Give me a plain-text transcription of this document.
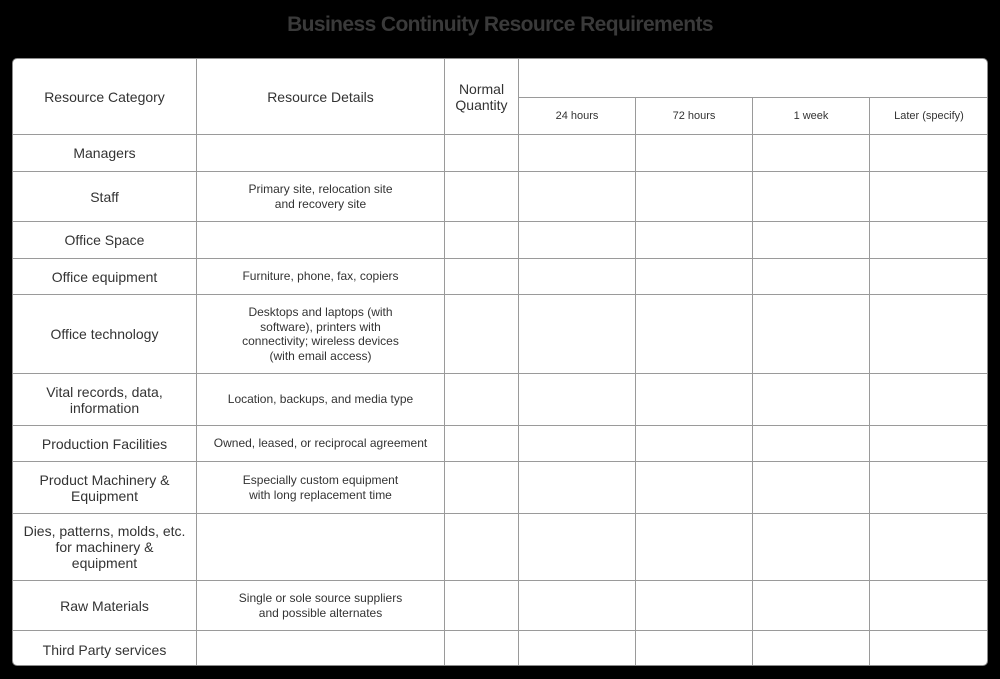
Business Continuity Resource Requirements
Resource Category	Resource Details	Normal Quantity				
			24 hours	72 hours	1 week	Later (specify)
Managers						
Staff	Primary site, relocation site and recovery site					
Office Space						
Office equipment	Furniture, phone, fax, copiers					
Office technology	Desktops and laptops (with software), printers with connectivity; wireless devices (with email access)					
Vital records, data, information	Location, backups, and media type					
Production Facilities	Owned, leased, or reciprocal agreement					
Product Machinery & Equipment	Especially custom equipment with long replacement time					
Dies, patterns, molds, etc. for machinery & equipment						
Raw Materials	Single or sole source suppliers and possible alternates					
Third Party services						
